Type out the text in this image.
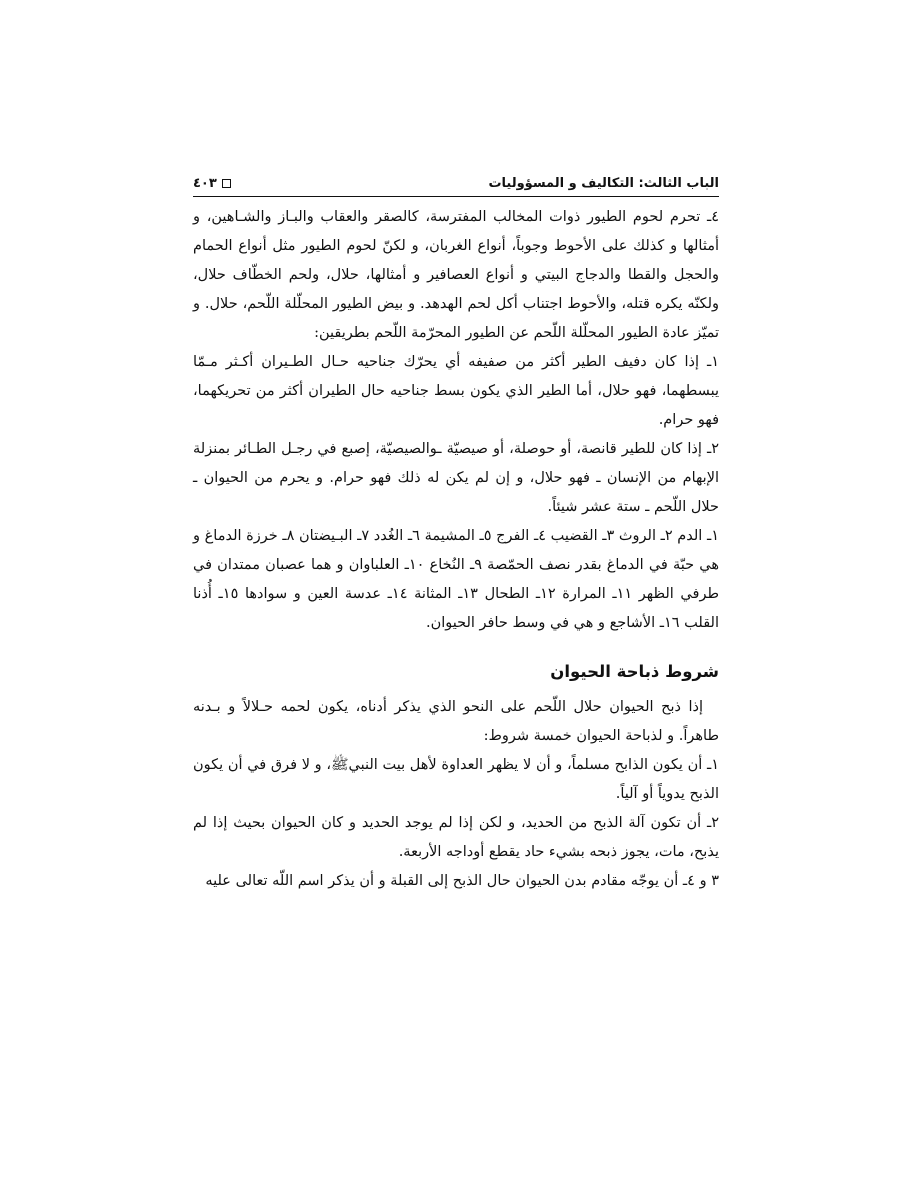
الباب الثالث: التكاليف و المسؤوليات
٤٠٣

٤ـ تحرم لحوم الطيور ذوات المخالب المفترسة، كالصقر والعقاب والبـاز والشـاهين، و أمثالها و كذلك على الأحوط وجوباً، أنواع الغربان، و لكنّ لحوم الطيور مثل أنواع الحمام والحجل والقطا والدجاج البيتي و أنواع العصافير و أمثالها، حلال، ولحم الخطّاف حلال، ولكنّه يكره قتله، والأحوط اجتناب أكل لحم الهدهد. و بيض الطيور المحلّلة اللّحم، حلال. و تميّز عادة الطيور المحلّلة اللّحم عن الطيور المحرّمة اللّحم بطريقين:

١ـ إذا كان دفيف الطير أكثر من صفيفه أي يحرّك جناحيه حـال الطـيران أكـثر مـمّا يبسطهما، فهو حلال، أما الطير الذي يكون بسط جناحيه حال الطيران أكثر من تحريكهما، فهو حرام.

٢ـ إذا كان للطير قانصة، أو حوصلة، أو صيصيّة ـوالصيصيّة، إصبع في رجـل الطـائر بمنزلة الإبهام من الإنسان ـ فهو حلال، و إن لم يكن له ذلك فهو حرام. و يحرم من الحيوان ـ حلال اللّحم ـ ستة عشر شيئاً.

١ـ الدم ٢ـ الروث ٣ـ القضيب ٤ـ الفرج ٥ـ المشيمة ٦ـ الغُدد ٧ـ البـيضتان ٨ـ خرزة الدماغ و هي حبّة في الدماغ بقدر نصف الحمّصة ٩ـ النُخاع ١٠ـ العلباوان و هما عصبان ممتدان في طرفي الظهر ١١ـ المرارة ١٢ـ الطحال ١٣ـ المثانة ١٤ـ عدسة العين و سوادها ١٥ـ أُذنا القلب ١٦ـ الأشاجع و هي في وسط حافر الحيوان.

شروط ذباحة الحيوان

إذا ذبح الحيوان حلال اللّحم على النحو الذي يذكر أدناه، يكون لحمه حـلالاً و بـدنه طاهراً. و لذباحة الحيوان خمسة شروط:

١ـ أن يكون الذابح مسلماً، و أن لا يظهر العداوة لأهل بيت النبيﷺ، و لا فرق في أن يكون الذبح يدوياً أو آلياً.

٢ـ أن تكون آلة الذبح من الحديد، و لكن إذا لم يوجد الحديد و كان الحيوان بحيث إذا لم يذبح، مات، يجوز ذبحه بشيء حاد يقطع أوداجه الأربعة.

٣ و ٤ـ أن يوجّه مقادم بدن الحيوان حال الذبح إلى القبلة و أن يذكر اسم اللّه تعالى عليه
